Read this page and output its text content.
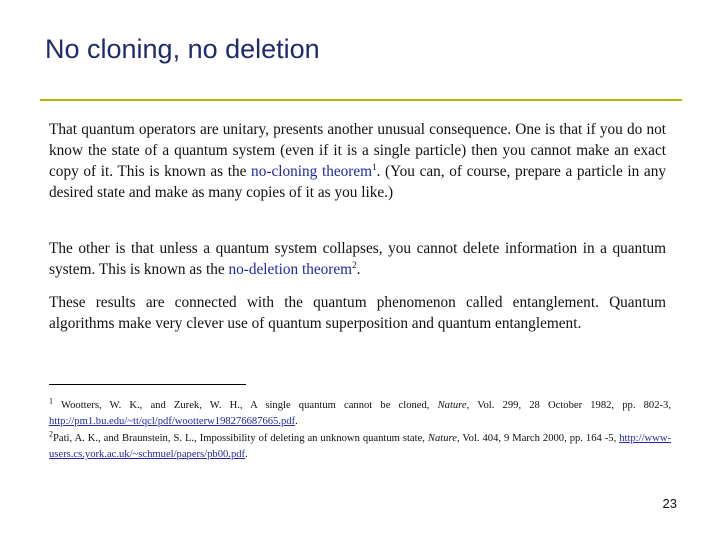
No cloning, no deletion
That quantum operators are unitary, presents another unusual consequence. One is that if you do not know the state of a quantum system (even if it is a single particle) then you cannot make an exact copy of it. This is known as the no-cloning theorem$^1$. (You can, of course, prepare a particle in any desired state and make as many copies of it as you like.)
The other is that unless a quantum system collapses, you cannot delete information in a quantum system. This is known as the no-deletion theorem$^2$.
These results are connected with the quantum phenomenon called entanglement. Quantum algorithms make very clever use of quantum superposition and quantum entanglement.
$^1$ Wootters, W. K., and Zurek, W. H., A single quantum cannot be cloned, Nature, Vol. 299, 28 October 1982, pp. 802-3, http://pm1.bu.edu/~tt/qcl/pdf/wootterw198276687665.pdf.
$^2$Pati, A. K., and Braunstein, S. L., Impossibility of deleting an unknown quantum state, Nature, Vol. 404, 9 March 2000, pp. 164 -5, http://www-users.cs.york.ac.uk/~schmuel/papers/pb00.pdf.
23
